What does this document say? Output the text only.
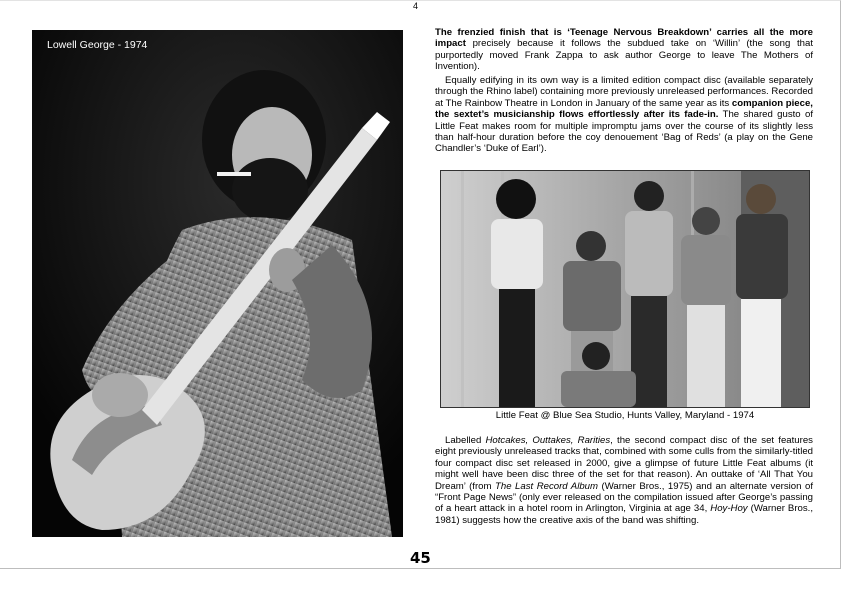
4
Lowell George - 1974

The frenzied finish that is ‘Teenage Nervous Breakdown’ carries all the more impact precisely because it follows the subdued take on ‘Willin’ (the song that purportedly moved Frank Zappa to ask author George to leave The Mothers of Invention).

Equally edifying in its own way is a limited edition compact disc (available separately through the Rhino label) containing more previously unreleased performances. Recorded at The Rainbow Theatre in London in January of the same year as its companion piece, the sextet’s musicianship flows effortlessly after its fade-in. The shared gusto of Little Feat makes room for multiple impromptu jams over the course of its slightly less than half-hour duration before the coy denouement ‘Bag of Reds’ (a play on the Gene Chandler’s ‘Duke of Earl’).

Little Feat @ Blue Sea Studio, Hunts Valley, Maryland - 1974

Labelled Hotcakes, Outtakes, Rarities, the second compact disc of the set features eight previously unreleased tracks that, combined with some culls from the similarly-titled four compact disc set released in 2000, give a glimpse of future Little Feat albums (it might well have been disc three of the set for that reason). An outtake of ‘All That You Dream’ (from The Last Record Album (Warner Bros., 1975) and an alternate version of “Front Page News” (only ever released on the compilation issued after George’s passing of a heart attack in a hotel room in Arlington, Virginia at age 34, Hoy-Hoy (Warner Bros., 1981) suggests how the creative axis of the band was shifting.

45
